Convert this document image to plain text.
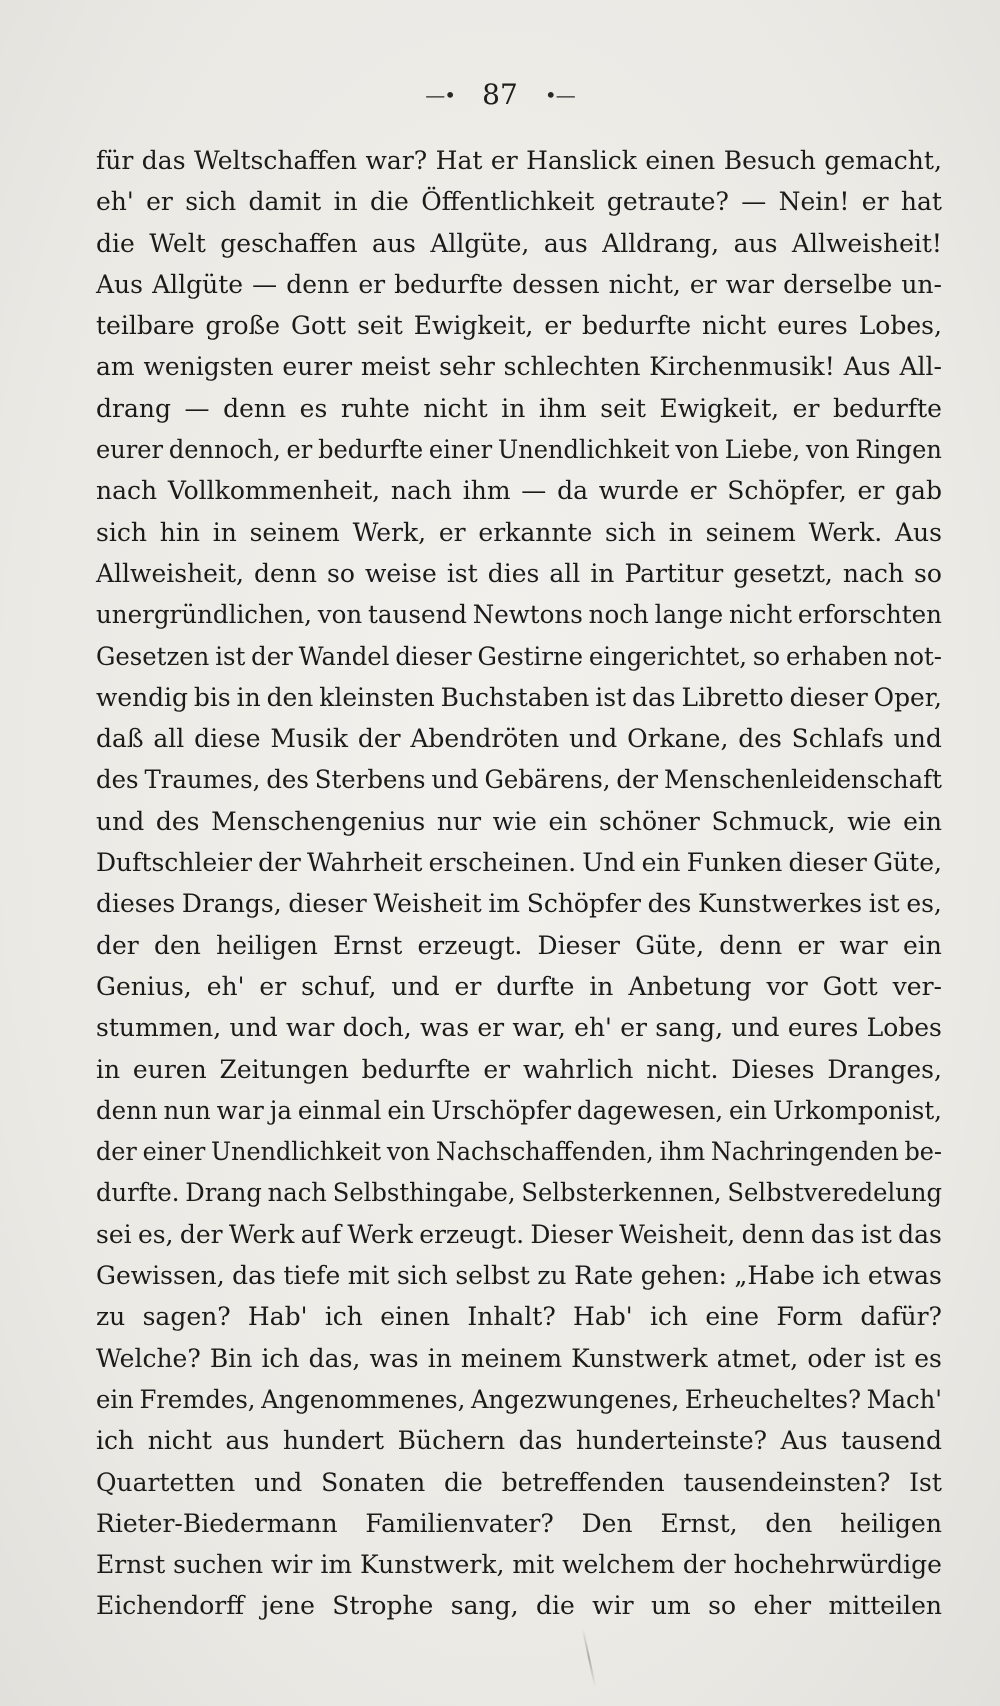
—• 87 •—
für das Weltschaffen war? Hat er Hanslick einen Besuch gemacht,
eh' er sich damit in die Öffentlichkeit getraute? — Nein! er hat
die Welt geschaffen aus Allgüte, aus Alldrang, aus Allweisheit!
Aus Allgüte — denn er bedurfte dessen nicht, er war derselbe un-
teilbare große Gott seit Ewigkeit, er bedurfte nicht eures Lobes,
am wenigsten eurer meist sehr schlechten Kirchenmusik! Aus All-
drang — denn es ruhte nicht in ihm seit Ewigkeit, er bedurfte
eurer dennoch, er bedurfte einer Unendlichkeit von Liebe, von Ringen
nach Vollkommenheit, nach ihm — da wurde er Schöpfer, er gab
sich hin in seinem Werk, er erkannte sich in seinem Werk. Aus
Allweisheit, denn so weise ist dies all in Partitur gesetzt, nach so
unergründlichen, von tausend Newtons noch lange nicht erforschten
Gesetzen ist der Wandel dieser Gestirne eingerichtet, so erhaben not-
wendig bis in den kleinsten Buchstaben ist das Libretto dieser Oper,
daß all diese Musik der Abendröten und Orkane, des Schlafs und
des Traumes, des Sterbens und Gebärens, der Menschenleidenschaft
und des Menschengenius nur wie ein schöner Schmuck, wie ein
Duftschleier der Wahrheit erscheinen. Und ein Funken dieser Güte,
dieses Drangs, dieser Weisheit im Schöpfer des Kunstwerkes ist es,
der den heiligen Ernst erzeugt. Dieser Güte, denn er war ein
Genius, eh' er schuf, und er durfte in Anbetung vor Gott ver-
stummen, und war doch, was er war, eh' er sang, und eures Lobes
in euren Zeitungen bedurfte er wahrlich nicht. Dieses Dranges,
denn nun war ja einmal ein Urschöpfer dagewesen, ein Urkomponist,
der einer Unendlichkeit von Nachschaffenden, ihm Nachringenden be-
durfte. Drang nach Selbsthingabe, Selbsterkennen, Selbstveredelung
sei es, der Werk auf Werk erzeugt. Dieser Weisheit, denn das ist das
Gewissen, das tiefe mit sich selbst zu Rate gehen: „Habe ich etwas
zu sagen? Hab' ich einen Inhalt? Hab' ich eine Form dafür?
Welche? Bin ich das, was in meinem Kunstwerk atmet, oder ist es
ein Fremdes, Angenommenes, Angezwungenes, Erheucheltes? Mach'
ich nicht aus hundert Büchern das hunderteinste? Aus tausend
Quartetten und Sonaten die betreffenden tausendeinsten? Ist
Rieter-Biedermann Familienvater? Den Ernst, den heiligen
Ernst suchen wir im Kunstwerk, mit welchem der hochehrwürdige
Eichendorff jene Strophe sang, die wir um so eher mitteilen
